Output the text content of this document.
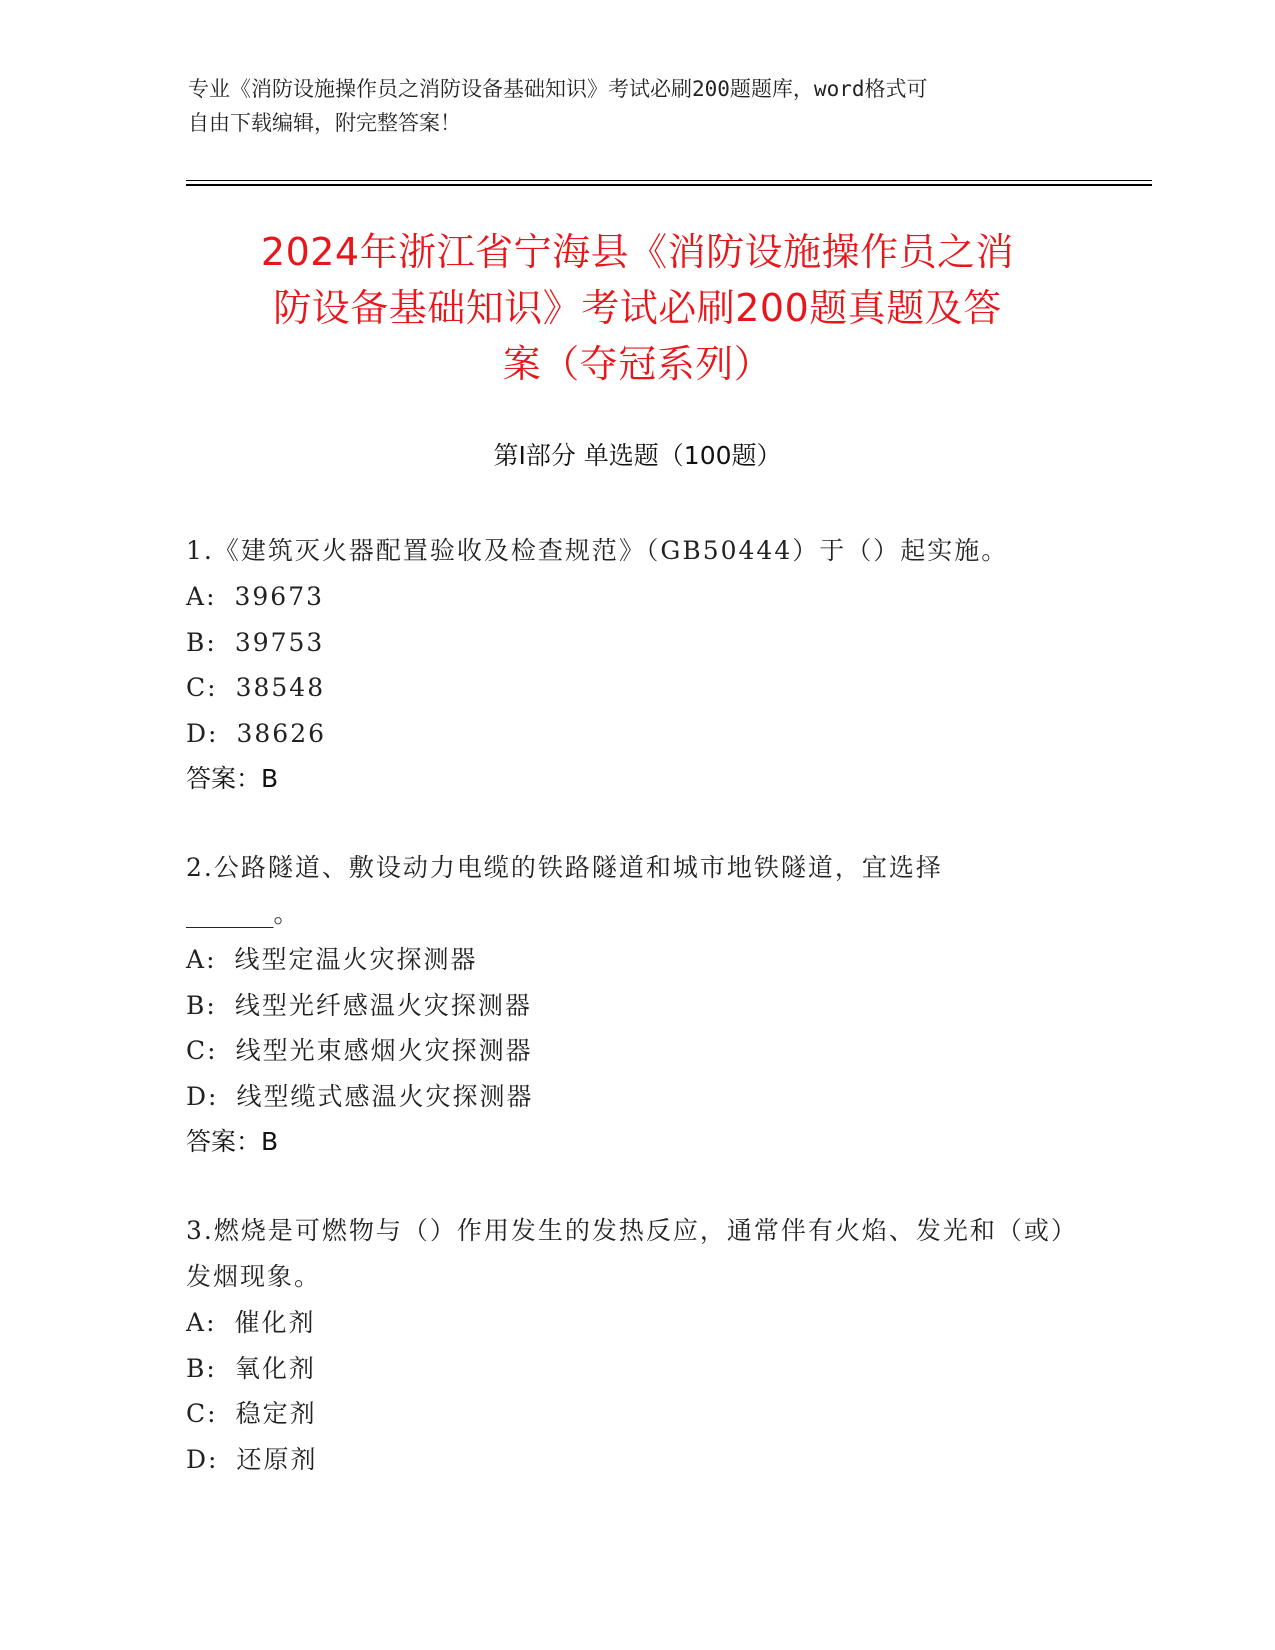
专业《消防设施操作员之消防设备基础知识》考试必刷200题题库，word格式可
自由下载编辑，附完整答案！
2024年浙江省宁海县《消防设施操作员之消
防设备基础知识》考试必刷200题真题及答
案（夺冠系列）
第Ⅰ部分 单选题（100题）
1.《建筑灭火器配置验收及检查规范》（GB50444）于（）起实施。
A: 39673
B: 39753
C: 38548
D: 38626
答案：B
2.公路隧道、敷设动力电缆的铁路隧道和城市地铁隧道，宜选择
_______。
A: 线型定温火灾探测器
B: 线型光纤感温火灾探测器
C: 线型光束感烟火灾探测器
D: 线型缆式感温火灾探测器
答案：B
3.燃烧是可燃物与（）作用发生的发热反应，通常伴有火焰、发光和（或）发烟现象。
A: 催化剂
B: 氧化剂
C: 稳定剂
D: 还原剂
